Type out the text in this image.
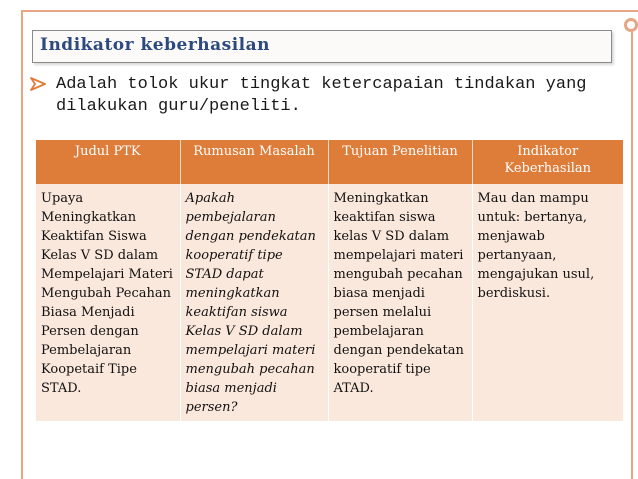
Indikator keberhasilan
Adalah tolok ukur tingkat ketercapaian tindakan yang dilakukan guru/peneliti.
Judul PTK	Rumusan Masalah	Tujuan Penelitian	Indikator Keberhasilan
Upaya Meningkatkan Keaktifan Siswa Kelas V SD dalam Mempelajari Materi Mengubah Pecahan Biasa Menjadi Persen dengan Pembelajaran Koopetaif Tipe STAD.	Apakah pembejalaran dengan pendekatan kooperatif tipe STAD dapat meningkatkan keaktifan siswa Kelas V SD dalam mempelajari materi mengubah pecahan biasa menjadi persen?	Meningkatkan keaktifan siswa kelas V SD dalam mempelajari materi mengubah pecahan biasa menjadi persen melalui pembelajaran dengan pendekatan kooperatif tipe ATAD.	Mau dan mampu untuk: bertanya, menjawab pertanyaan, mengajukan usul, berdiskusi.
